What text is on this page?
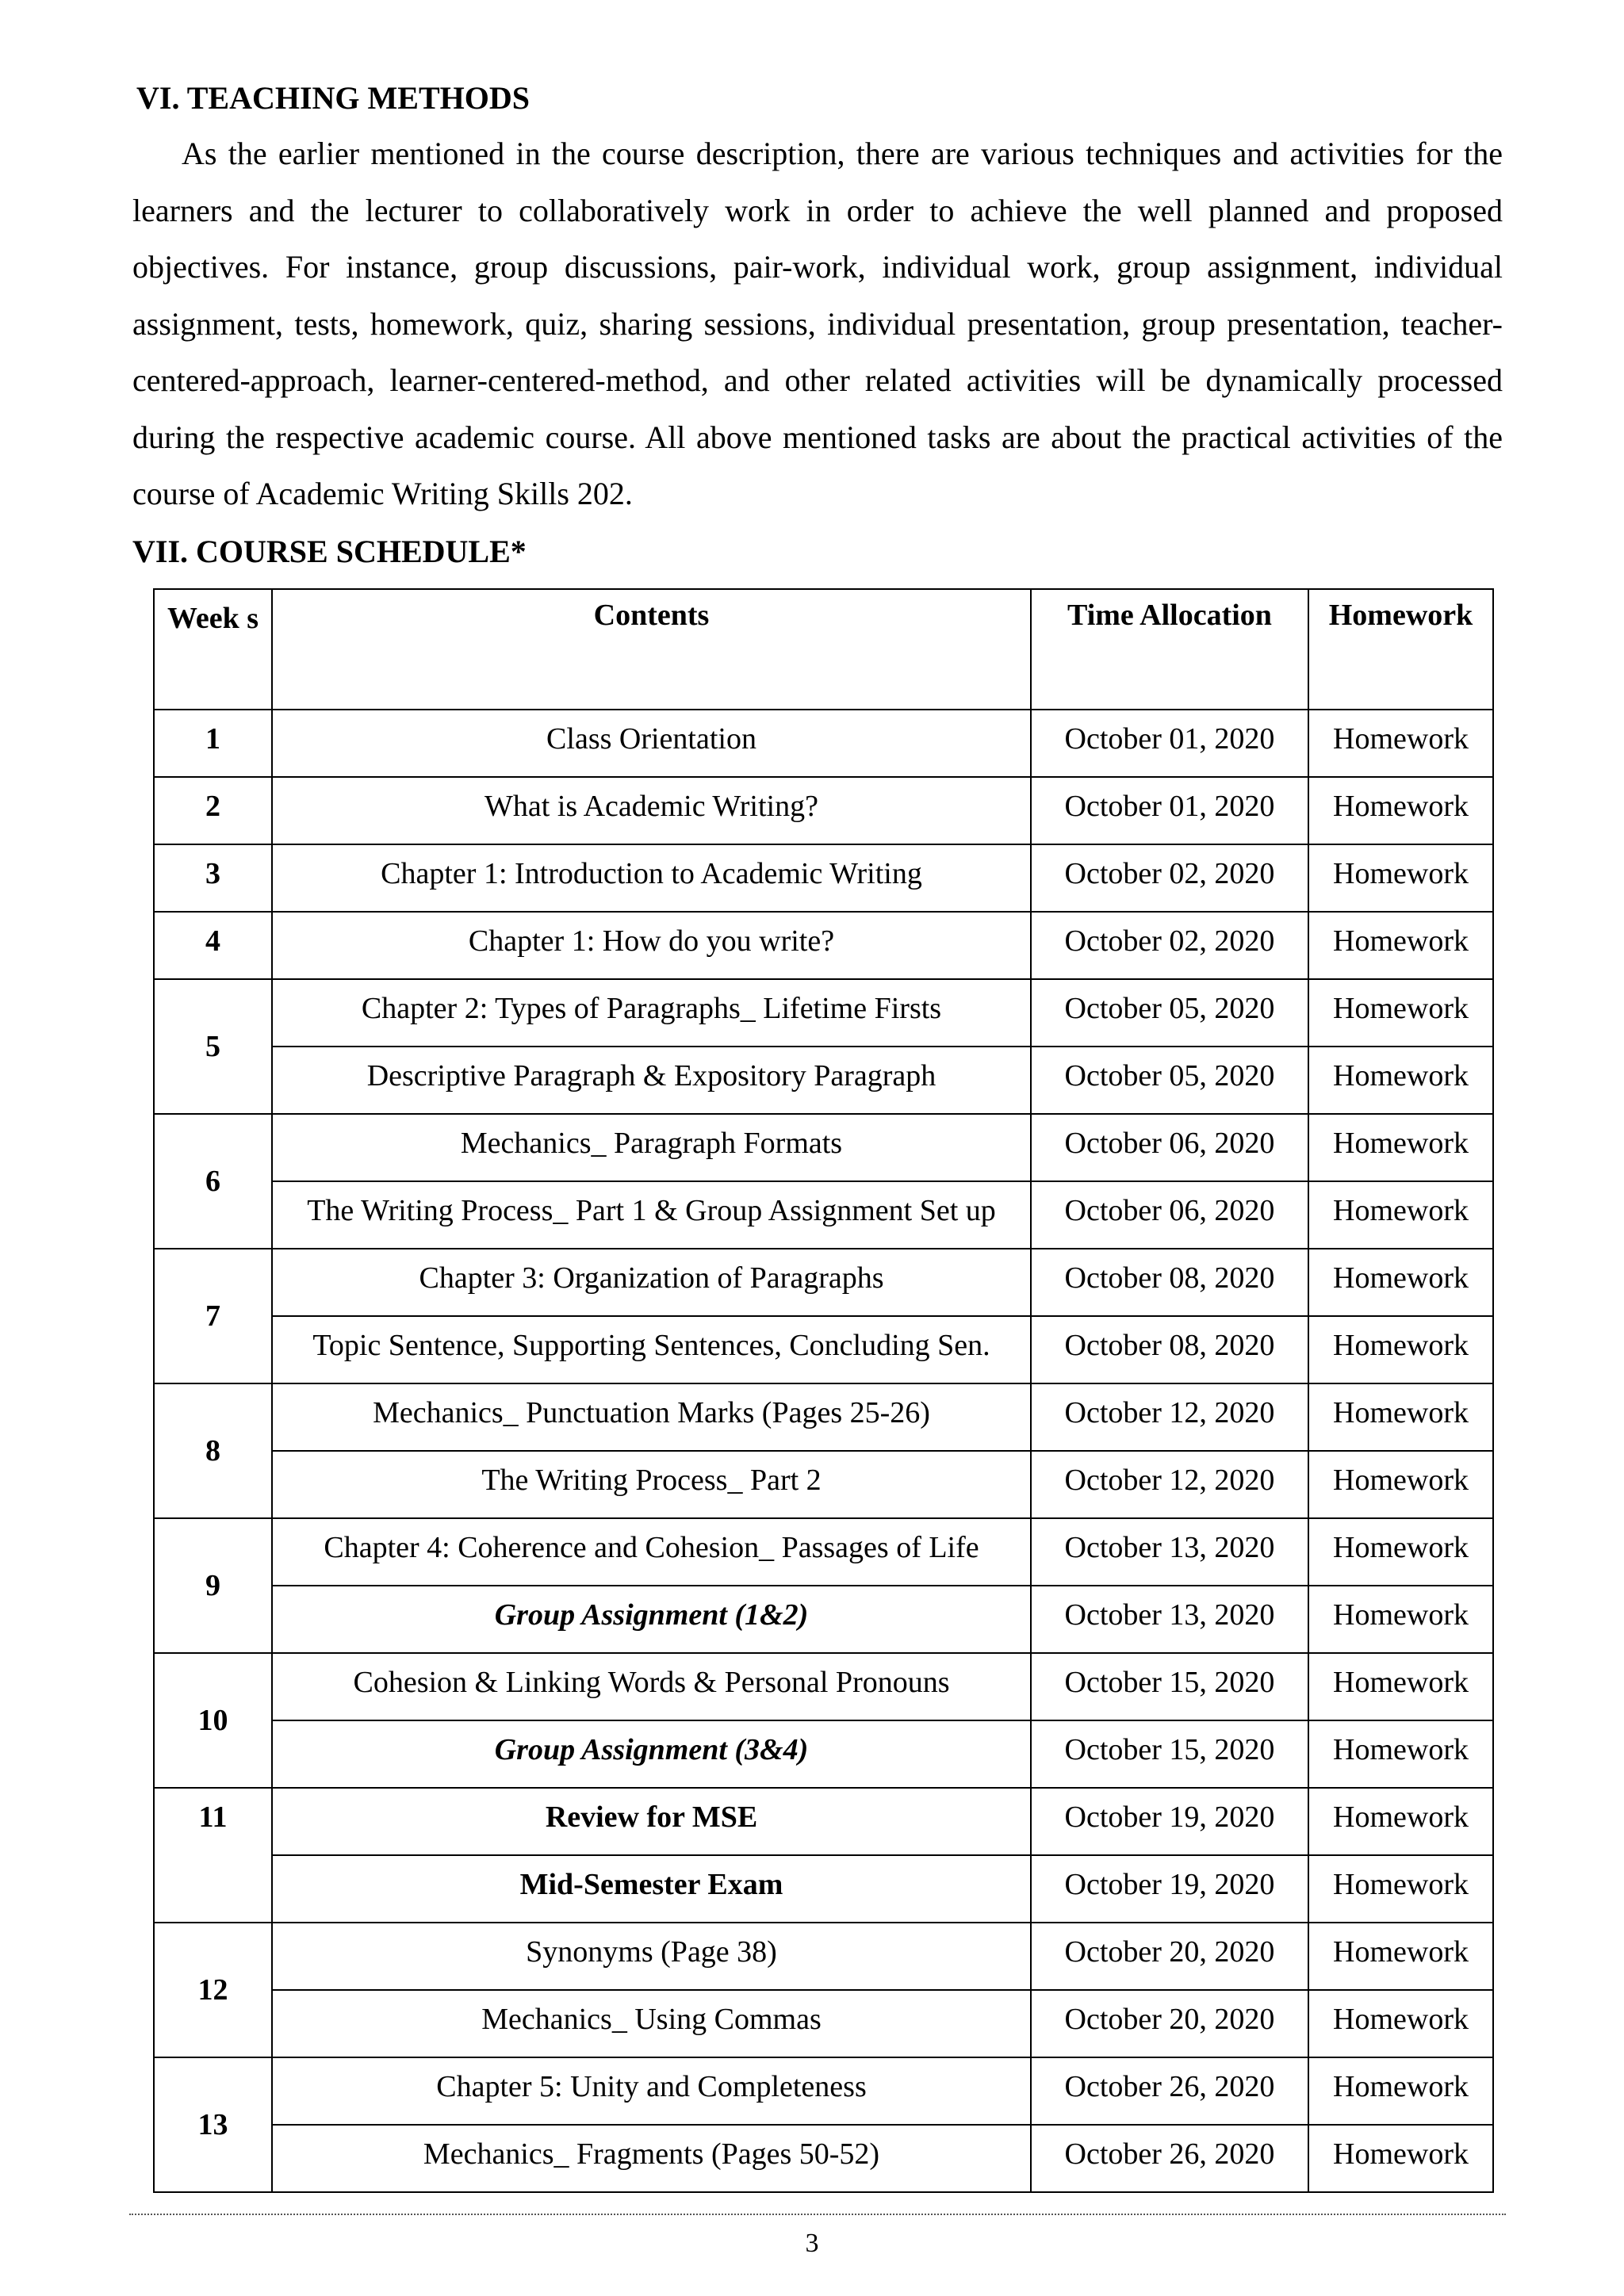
VI. TEACHING METHODS
As the earlier mentioned in the course description, there are various techniques and activities for the learners and the lecturer to collaboratively work in order to achieve the well planned and proposed objectives. For instance, group discussions, pair-work, individual work, group assignment, individual assignment, tests, homework, quiz, sharing sessions, individual presentation, group presentation, teacher-centered-approach, learner-centered-method, and other related activities will be dynamically processed during the respective academic course. All above mentioned tasks are about the practical activities of the course of Academic Writing Skills 202.
VII. COURSE SCHEDULE*
Week s	Contents	Time Allocation	Homework
1	Class Orientation	October 01, 2020	Homework
2	What is Academic Writing?	October 01, 2020	Homework
3	Chapter 1: Introduction to Academic Writing	October 02, 2020	Homework
4	Chapter 1: How do you write?	October 02, 2020	Homework
5	Chapter 2: Types of Paragraphs_ Lifetime Firsts	October 05, 2020	Homework
	Descriptive Paragraph & Expository Paragraph	October 05, 2020	Homework
6	Mechanics_ Paragraph Formats	October 06, 2020	Homework
	The Writing Process_ Part 1 & Group Assignment Set up	October 06, 2020	Homework
7	Chapter 3: Organization of Paragraphs	October 08, 2020	Homework
	Topic Sentence, Supporting Sentences, Concluding Sen.	October 08, 2020	Homework
8	Mechanics_ Punctuation Marks (Pages 25-26)	October 12, 2020	Homework
	The Writing Process_ Part 2	October 12, 2020	Homework
9	Chapter 4: Coherence and Cohesion_ Passages of Life	October 13, 2020	Homework
	Group Assignment (1&2)	October 13, 2020	Homework
10	Cohesion & Linking Words & Personal Pronouns	October 15, 2020	Homework
	Group Assignment (3&4)	October 15, 2020	Homework
11	Review for MSE	October 19, 2020	Homework
	Mid-Semester Exam	October 19, 2020	Homework
12	Synonyms (Page 38)	October 20, 2020	Homework
	Mechanics_ Using Commas	October 20, 2020	Homework
13	Chapter 5: Unity and Completeness	October 26, 2020	Homework
	Mechanics_ Fragments (Pages 50-52)	October 26, 2020	Homework
3
